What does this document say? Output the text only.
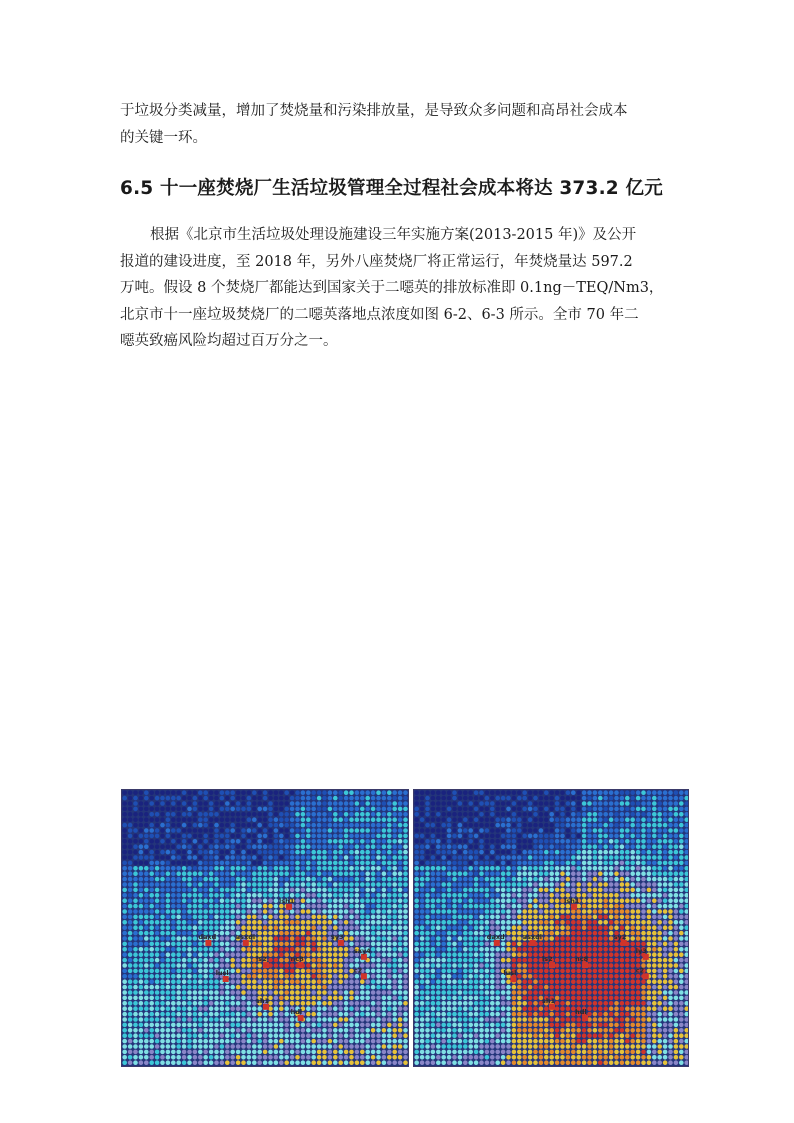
于垃圾分类减量，增加了焚烧量和污染排放量，是导致众多问题和高昂社会成本
的关键一环。
6.5 十一座焚烧厂生活垃圾管理全过程社会成本将达 373.2 亿元
根据《北京市生活垃圾处理设施建设三年实施方案(2013-2015 年)》及公开
报道的建设进度，至 2018 年，另外八座焚烧厂将正常运行，年焚烧量达 597.2
万吨。假设 8 个焚烧厂都能达到国家关于二噁英的排放标准即 0.1ng－TEQ/Nm3，
北京市十一座垃圾焚烧厂的二噁英落地点浓度如图 6-2、6-3 所示。全市 70 年二
噁英致癌风险均超过百万分之一。
lsh1
daxd	asxdl	sy3
sxy4
lusl
ls2	nc8
c2
sh1
hdl
lsh1
daxd	asxdl	sy2
ly3
lusl
ls2	nc8
c2
sh1
hdl
